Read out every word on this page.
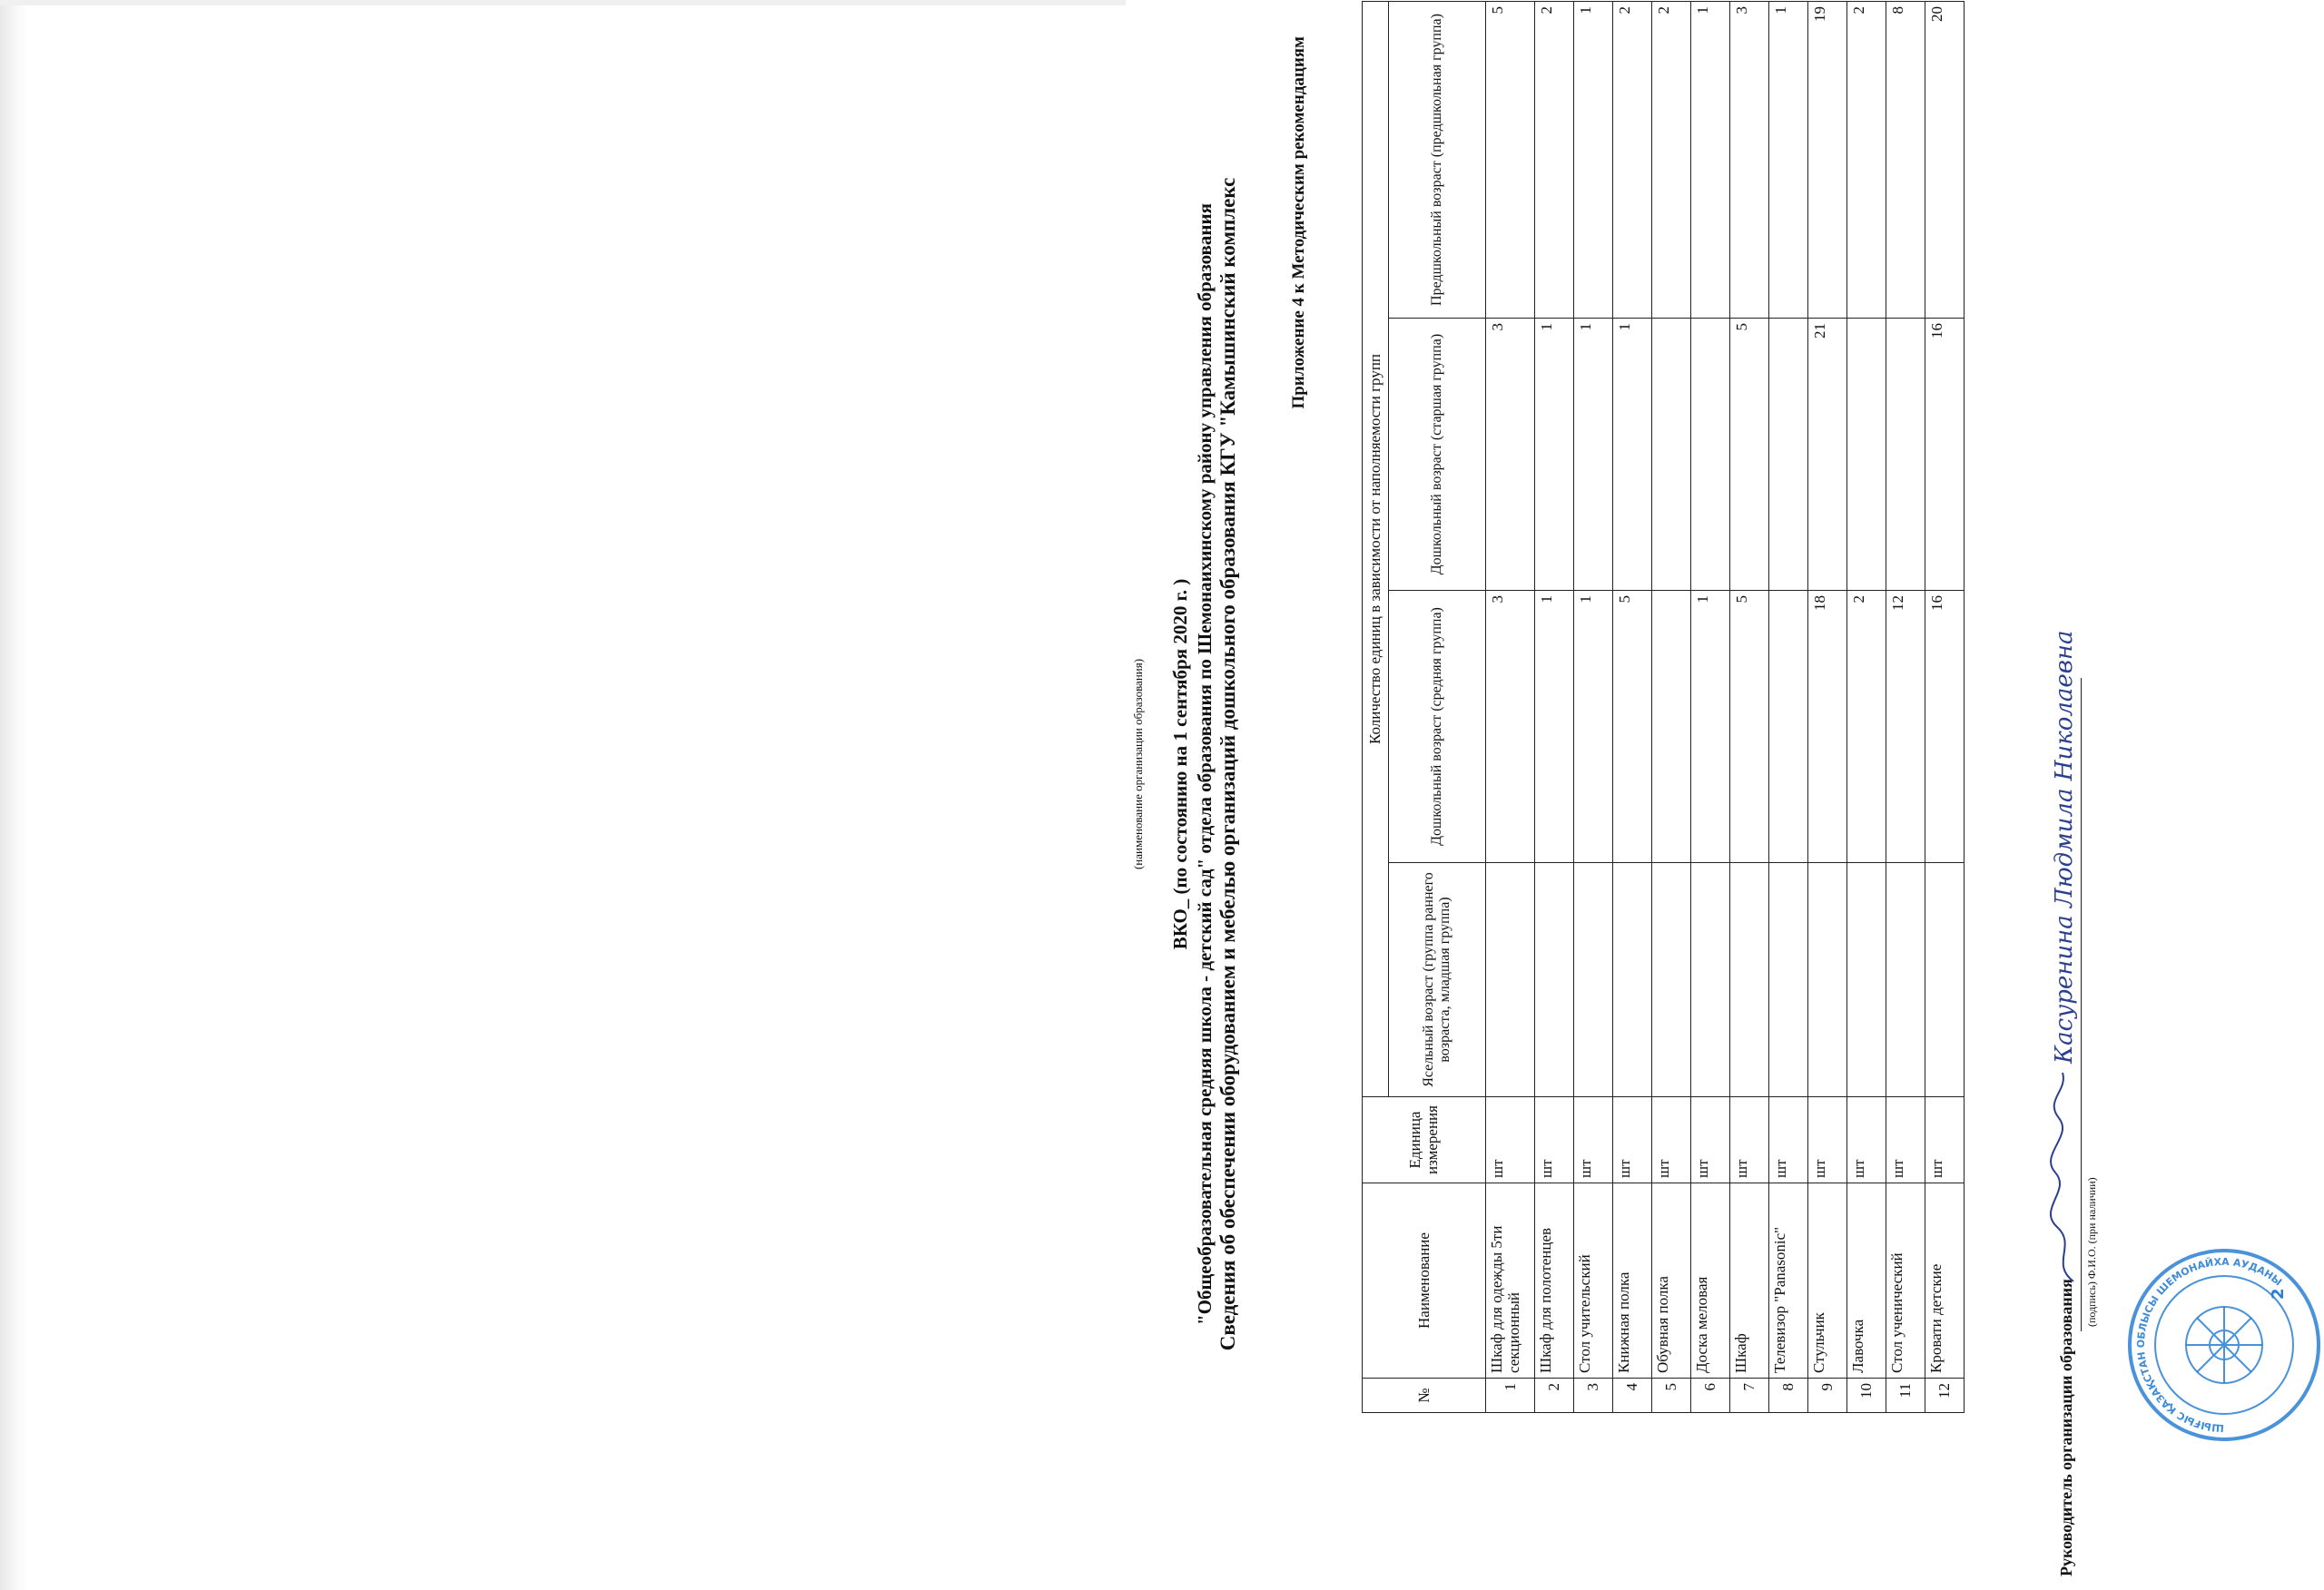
Приложение 4 к Методическим рекомендациям
Сведения об обеспечении оборудованием и мебелью организаций дошкольного образования КГУ "Камышинский комплекс
"Общеобразовательная средняя школа - детский сад" отдела образования по Шемонаихинскому району управления образования
ВКО_ (по состоянию на 1 сентября 2020 г. )
(наименование организации образования)
№	Наименование	Единица измерения	Количество единиц в зависимости от наполняемости групп			
			Ясельный возраст (группа раннего возраста, младшая группа)	Дошкольный возраст (средняя группа)	Дошкольный возраст (старшая группа)	Предшкольный возраст (предшкольная группа)
1	Шкаф для одежды 5ти секционный	шт		3	3	5
2	Шкаф для полотенцев	шт		1	1	2
3	Стол учительский	шт		1	1	1
4	Книжная полка	шт		5	1	2
5	Обувная полка	шт				2
6	Доска меловая	шт		1		1
7	Шкаф	шт		5	5	3
8	Телевизор "Panasonic"	шт				1
9	Стульчик	шт		18	21	19
10	Лавочка	шт		2		2
11	Стол ученический	шт		12		8
12	Кровати детские	шт		16	16	20
Руководитель организации образования
Касуренина Людмила Николаевна
(подпись) Ф.И.О. (при наличии)
ШЫҒЫС ҚАЗАҚСТАН ОБЛЫСЫ ШЕМОНАЙХА АУДАНЫ
2
